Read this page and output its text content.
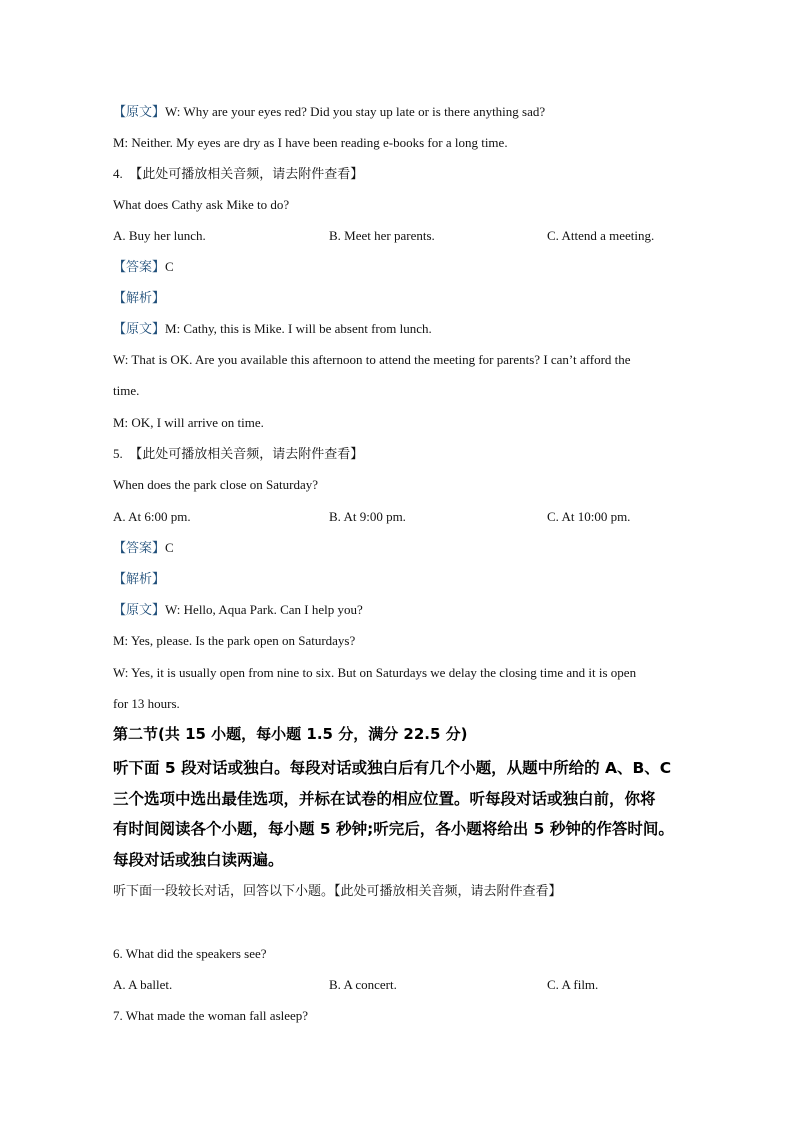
【原文】W: Why are your eyes red? Did you stay up late or is there anything sad?
M: Neither. My eyes are dry as I have been reading e-books for a long time.
4. 【此处可播放相关音频，请去附件查看】
What does Cathy ask Mike to do?
A. Buy her lunch.	B. Meet her parents.	C. Attend a meeting.
【答案】C
【解析】
【原文】M: Cathy, this is Mike. I will be absent from lunch.
W: That is OK. Are you available this afternoon to attend the meeting for parents? I can’t afford the
time.
M: OK, I will arrive on time.
5. 【此处可播放相关音频，请去附件查看】
When does the park close on Saturday?
A. At 6:00 pm.	B. At 9:00 pm.	C. At 10:00 pm.
【答案】C
【解析】
【原文】W: Hello, Aqua Park. Can I help you?
M: Yes, please. Is the park open on Saturdays?
W: Yes, it is usually open from nine to six. But on Saturdays we delay the closing time and it is open
for 13 hours.
第二节(共 15 小题，每小题 1.5 分，满分 22.5 分)
听下面 5 段对话或独白。每段对话或独白后有几个小题，从题中所给的 A、B、C
三个选项中选出最佳选项，并标在试卷的相应位置。听每段对话或独白前，你将
有时间阅读各个小题，每小题 5 秒钟;听完后，各小题将给出 5 秒钟的作答时间。
每段对话或独白读两遍。
听下面一段较长对话，回答以下小题。【此处可播放相关音频，请去附件查看】
6. What did the speakers see?
A. A ballet.	B. A concert.	C. A film.
7. What made the woman fall asleep?
